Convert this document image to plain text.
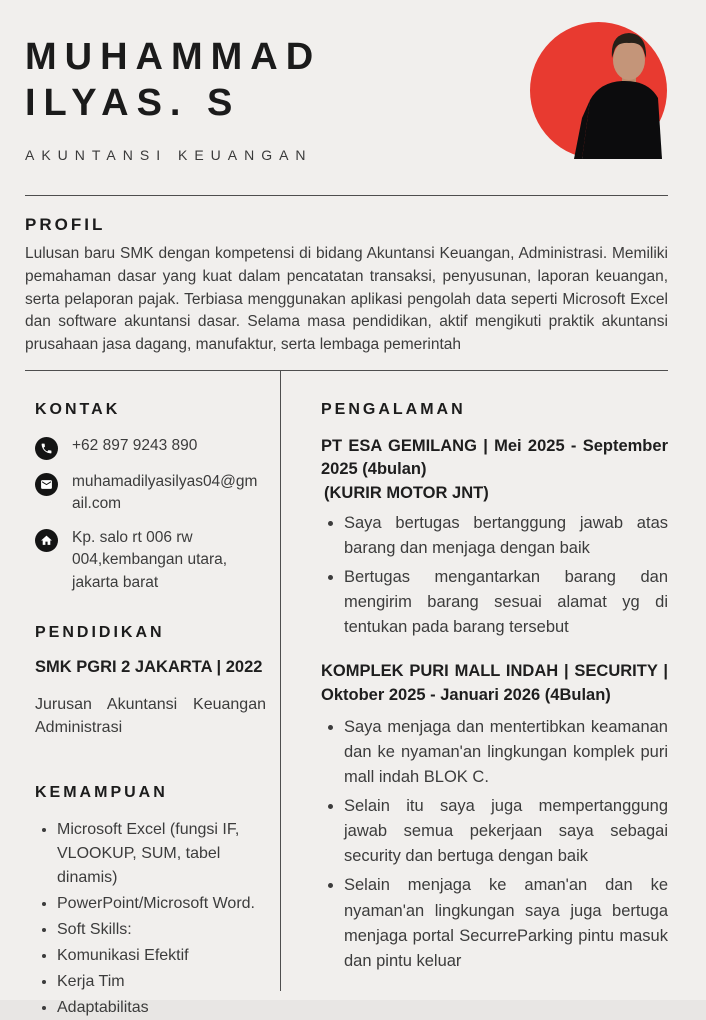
MUHAMMAD
ILYAS. S
AKUNTANSI KEUANGAN
PROFIL

Lulusan baru SMK dengan kompetensi di bidang Akuntansi Keuangan, Administrasi. Memiliki pemahaman dasar yang kuat dalam pencatatan transaksi, penyusunan, laporan keuangan, serta pelaporan pajak. Terbiasa menggunakan aplikasi pengolah data seperti Microsoft Excel dan software akuntansi dasar. Selama masa pendidikan, aktif mengikuti praktik akuntansi prusahaan jasa dagang, manufaktur, serta lembaga pemerintah

KONTAK
+62 897 9243 890
muhamadilyasilyas04@gmail.com
Kp. salo rt 006 rw 004,kembangan utara, jakarta barat
PENDIDIKAN

SMK PGRI 2 JAKARTA | 2022

Jurusan Akuntansi Keuangan Administrasi

KEMAMPUAN
• Microsoft Excel (fungsi IF, VLOOKUP, SUM, tabel dinamis)
• PowerPoint/Microsoft Word.
• Soft Skills:
• Komunikasi Efektif
• Kerja Tim
• Adaptabilitas
PENGALAMAN

PT ESA GEMILANG | Mei 2025 - September 2025 (4bulan)

(KURIR MOTOR JNT)

• Saya bertugas bertanggung jawab atas barang dan menjaga dengan baik
• Bertugas mengantarkan barang dan mengirim barang sesuai alamat yg di tentukan pada barang tersebut

KOMPLEK PURI MALL INDAH | SECURITY | Oktober 2025 - Januari 2026 (4Bulan)

• Saya menjaga dan mentertibkan keamanan dan ke nyaman'an lingkungan komplek puri mall indah BLOK C.
• Selain itu saya juga mempertanggung jawab semua pekerjaan saya sebagai security dan bertuga dengan baik
• Selain menjaga ke aman'an dan ke nyaman'an lingkungan saya juga bertuga menjaga portal SecurreParking pintu masuk dan pintu keluar
